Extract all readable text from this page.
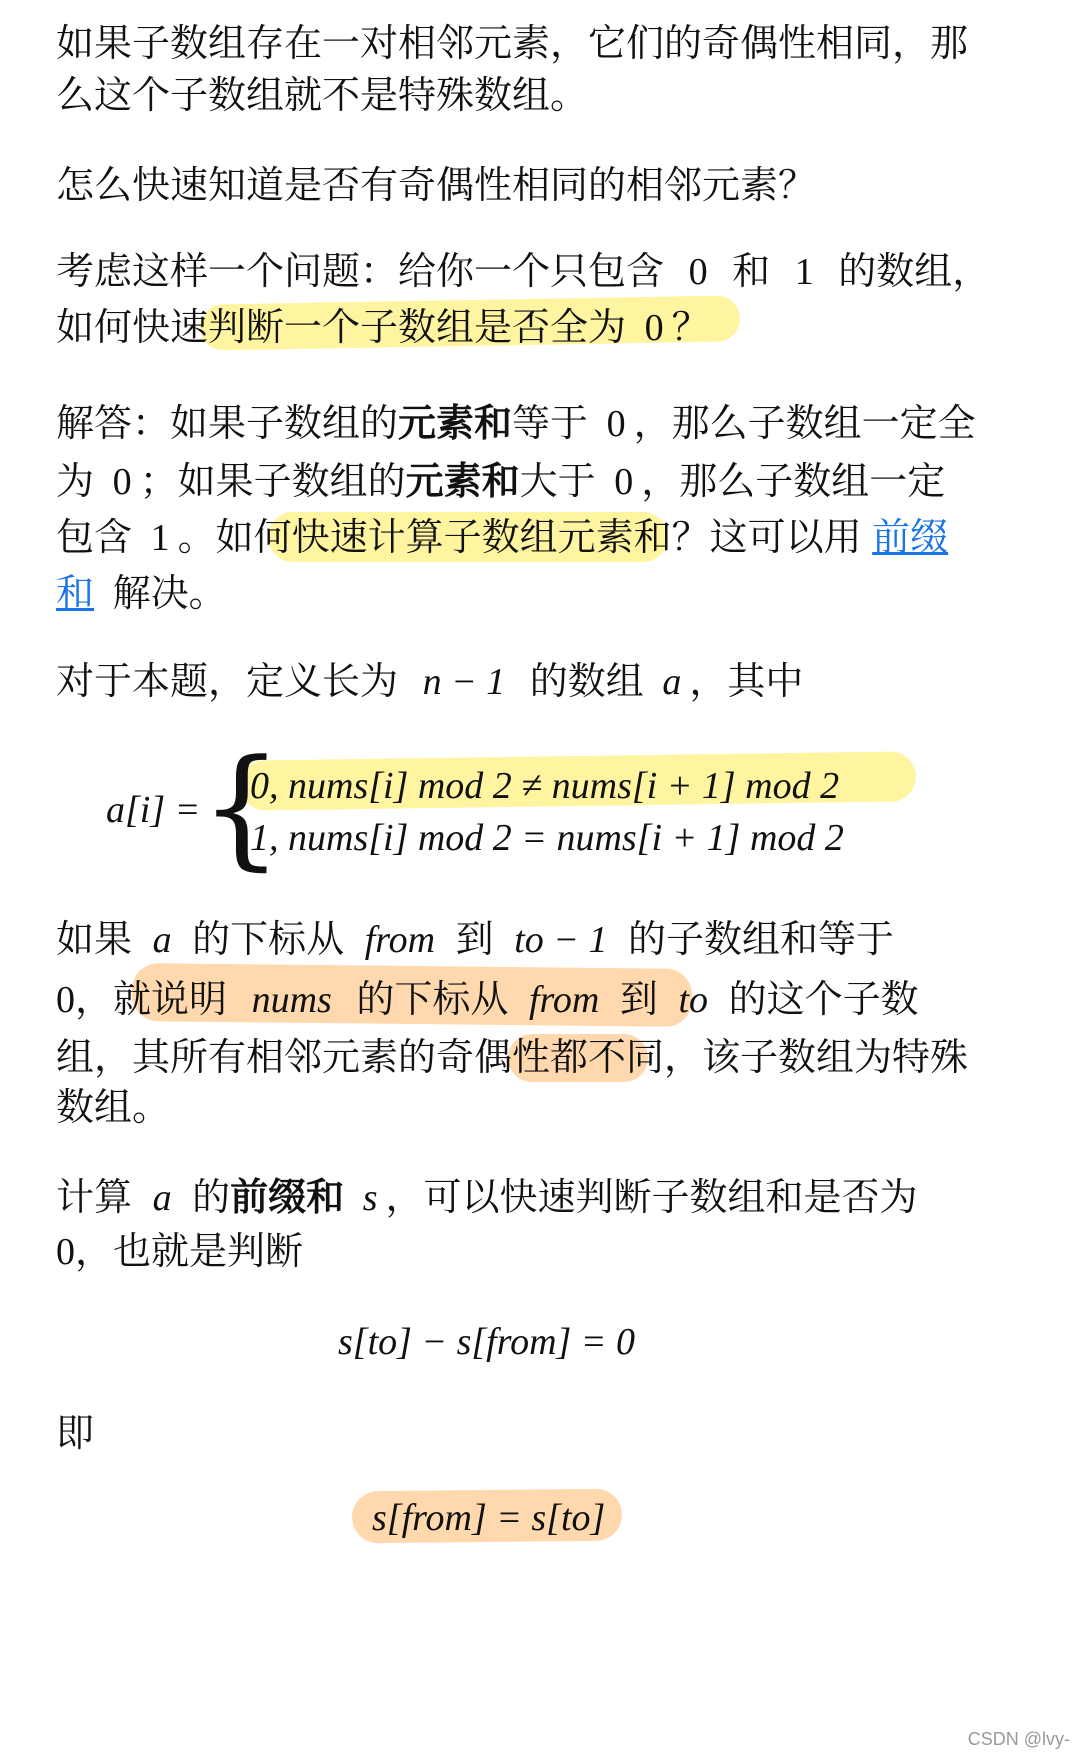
如果子数组存在一对相邻元素，它们的奇偶性相同，那
么这个子数组就不是特殊数组。
怎么快速知道是否有奇偶性相同的相邻元素？
考虑这样一个问题：给你一个只包含 0 和 1 的数组，
如何快速判断一个子数组是否全为 0 ？
解答：如果子数组的元素和等于 0 ，那么子数组一定全
为 0 ；如果子数组的元素和大于 0 ，那么子数组一定
包含 1 。如何快速计算子数组元素和？这可以用 前缀
和 解决。
对于本题，定义长为 n − 1 的数组 a ，其中
如果 a 的下标从 from 到 to − 1 的子数组和等于
0，就说明 nums 的下标从 from 到 to 的这个子数
组，其所有相邻元素的奇偶性都不同，该子数组为特殊
数组。
计算 a 的前缀和 s ，可以快速判断子数组和是否为
0，也就是判断
即
a[i] = {
0, nums[i] mod 2 ≠ nums[i + 1] mod 2
1, nums[i] mod 2 = nums[i + 1] mod 2
s[to] − s[from] = 0
s[from] = s[to]
CSDN @lvy-
